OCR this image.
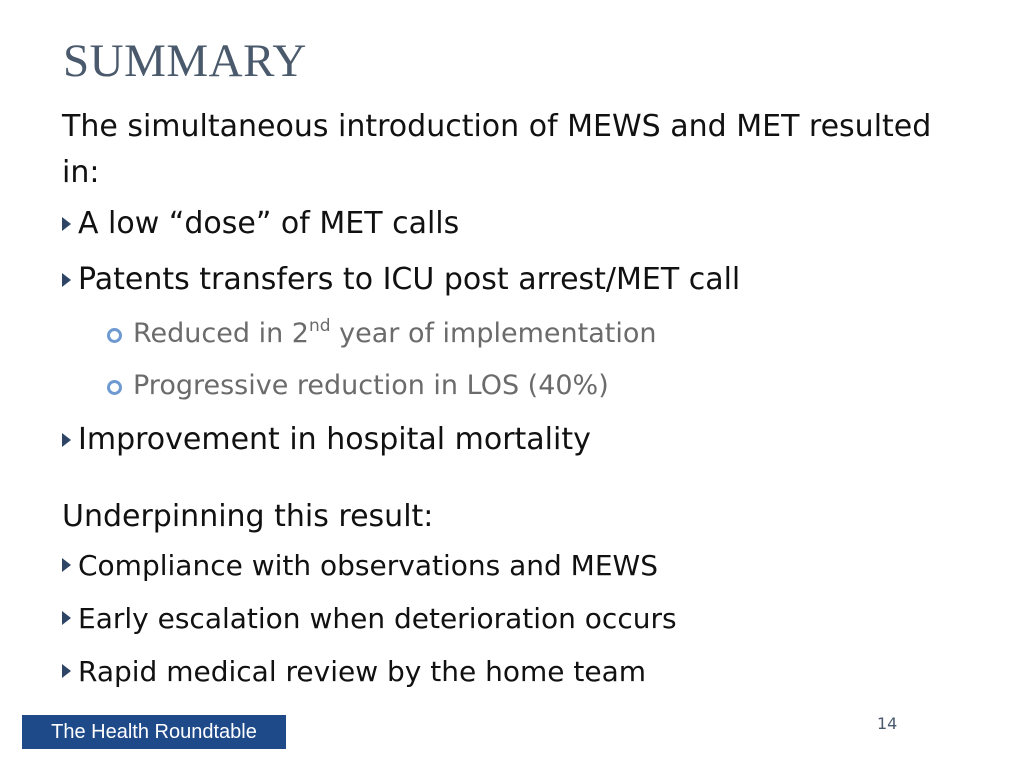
SUMMARY

The simultaneous introduction of MEWS and MET resulted in:

A low “dose” of MET calls
Patents transfers to ICU post arrest/MET call
Reduced in 2nd year of implementation
Progressive reduction in LOS (40%)
Improvement in hospital mortality

Underpinning this result:

Compliance with observations and MEWS
Early escalation when deterioration occurs
Rapid medical review by the home team
The Health Roundtable	14
